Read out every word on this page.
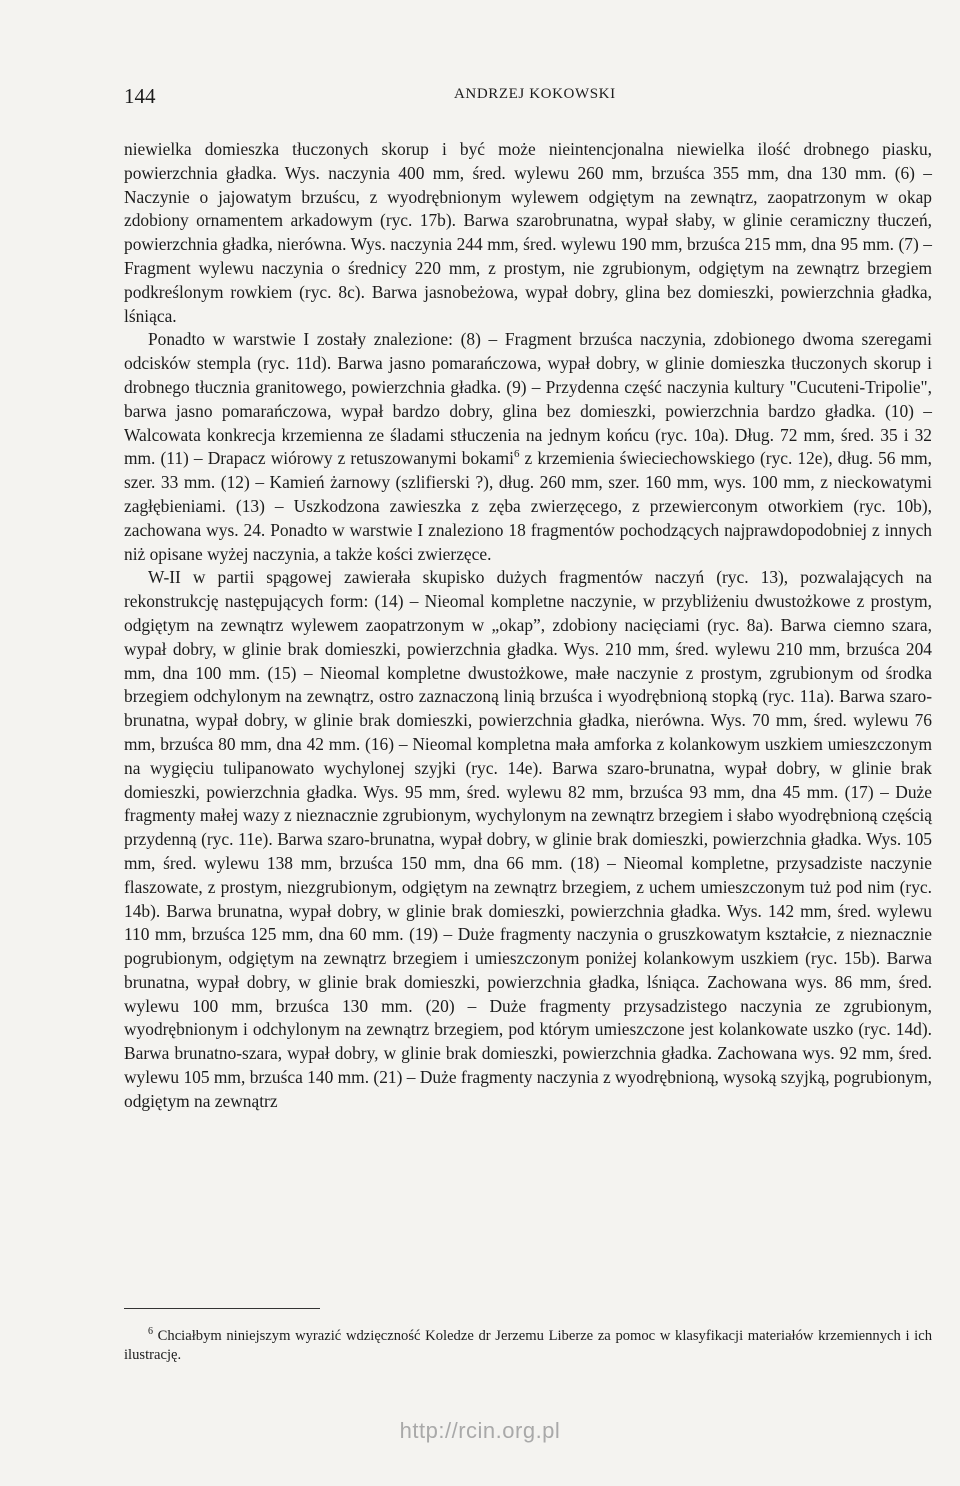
144	ANDRZEJ KOKOWSKI

niewielka domieszka tłuczonych skorup i być może nieintencjonalna niewielka ilość drobnego piasku, powierzchnia gładka. Wys. naczynia 400 mm, śred. wylewu 260 mm, brzuśca 355 mm, dna 130 mm. (6) – Naczynie o jajowatym brzuścu, z wyodrębnionym wylewem odgiętym na zewnątrz, zaopatrzonym w okap zdobiony ornamentem arkadowym (ryc. 17b). Barwa szarobrunatna, wypał słaby, w glinie ceramiczny tłuczeń, powierzchnia gładka, nierówna. Wys. naczynia 244 mm, śred. wylewu 190 mm, brzuśca 215 mm, dna 95 mm. (7) – Fragment wylewu naczynia o średnicy 220 mm, z prostym, nie zgrubionym, odgiętym na zewnątrz brzegiem podkreślonym rowkiem (ryc. 8c). Barwa jasnobeżowa, wypał dobry, glina bez domieszki, powierzchnia gładka, lśniąca.

Ponadto w warstwie I zostały znalezione: (8) – Fragment brzuśca naczynia, zdobionego dwoma szeregami odcisków stempla (ryc. 11d). Barwa jasno pomarańczowa, wypał dobry, w glinie domieszka tłuczonych skorup i drobnego tłucznia granitowego, powierzchnia gładka. (9) – Przydenna część naczynia kultury "Cucuteni-Tripolie", barwa jasno pomarańczowa, wypał bardzo dobry, glina bez domieszki, powierzchnia bardzo gładka. (10) – Walcowata konkrecja krzemienna ze śladami stłuczenia na jednym końcu (ryc. 10a). Dług. 72 mm, śred. 35 i 32 mm. (11) – Drapacz wiórowy z retuszowanymi bokami$^6$ z krzemienia świeciechowskiego (ryc. 12e), dług. 56 mm, szer. 33 mm. (12) – Kamień żarnowy (szlifierski ?), dług. 260 mm, szer. 160 mm, wys. 100 mm, z nieckowatymi zagłębieniami. (13) – Uszkodzona zawieszka z zęba zwierzęcego, z przewierconym otworkiem (ryc. 10b), zachowana wys. 24. Ponadto w warstwie I znaleziono 18 fragmentów pochodzących najprawdopodobniej z innych niż opisane wyżej naczynia, a także kości zwierzęce.

W-II w partii spągowej zawierała skupisko dużych fragmentów naczyń (ryc. 13), pozwalających na rekonstrukcję następujących form: (14) – Nieomal kompletne naczynie, w przybliżeniu dwustożkowe z prostym, odgiętym na zewnątrz wylewem zaopatrzonym w „okap”, zdobiony nacięciami (ryc. 8a). Barwa ciemno szara, wypał dobry, w glinie brak domieszki, powierzchnia gładka. Wys. 210 mm, śred. wylewu 210 mm, brzuśca 204 mm, dna 100 mm. (15) – Nieomal kompletne dwustożkowe, małe naczynie z prostym, zgrubionym od środka brzegiem odchylonym na zewnątrz, ostro zaznaczoną linią brzuśca i wyodrębnioną stopką (ryc. 11a). Barwa szaro-brunatna, wypał dobry, w glinie brak domieszki, powierzchnia gładka, nierówna. Wys. 70 mm, śred. wylewu 76 mm, brzuśca 80 mm, dna 42 mm. (16) – Nieomal kompletna mała amforka z kolankowym uszkiem umieszczonym na wygięciu tulipanowato wychylonej szyjki (ryc. 14e). Barwa szaro-brunatna, wypał dobry, w glinie brak domieszki, powierzchnia gładka. Wys. 95 mm, śred. wylewu 82 mm, brzuśca 93 mm, dna 45 mm. (17) – Duże fragmenty małej wazy z nieznacznie zgrubionym, wychylonym na zewnątrz brzegiem i słabo wyodrębnioną częścią przydenną (ryc. 11e). Barwa szaro-brunatna, wypał dobry, w glinie brak domieszki, powierzchnia gładka. Wys. 105 mm, śred. wylewu 138 mm, brzuśca 150 mm, dna 66 mm. (18) – Nieomal kompletne, przysadziste naczynie flaszowate, z prostym, niezgrubionym, odgiętym na zewnątrz brzegiem, z uchem umieszczonym tuż pod nim (ryc. 14b). Barwa brunatna, wypał dobry, w glinie brak domieszki, powierzchnia gładka. Wys. 142 mm, śred. wylewu 110 mm, brzuśca 125 mm, dna 60 mm. (19) – Duże fragmenty naczynia o gruszkowatym kształcie, z nieznacznie pogrubionym, odgiętym na zewnątrz brzegiem i umieszczonym poniżej kolankowym uszkiem (ryc. 15b). Barwa brunatna, wypał dobry, w glinie brak domieszki, powierzchnia gładka, lśniąca. Zachowana wys. 86 mm, śred. wylewu 100 mm, brzuśca 130 mm. (20) – Duże fragmenty przysadzistego naczynia ze zgrubionym, wyodrębnionym i odchylonym na zewnątrz brzegiem, pod którym umieszczone jest kolankowate uszko (ryc. 14d). Barwa brunatno-szara, wypał dobry, w glinie brak domieszki, powierzchnia gładka. Zachowana wys. 92 mm, śred. wylewu 105 mm, brzuśca 140 mm. (21) – Duże fragmenty naczynia z wyodrębnioną, wysoką szyjką, pogrubionym, odgiętym na zewnątrz

$^6$ Chciałbym niniejszym wyrazić wdzięczność Koledze dr Jerzemu Liberze za pomoc w klasyfikacji materiałów krzemiennych i ich ilustrację.
http://rcin.org.pl
